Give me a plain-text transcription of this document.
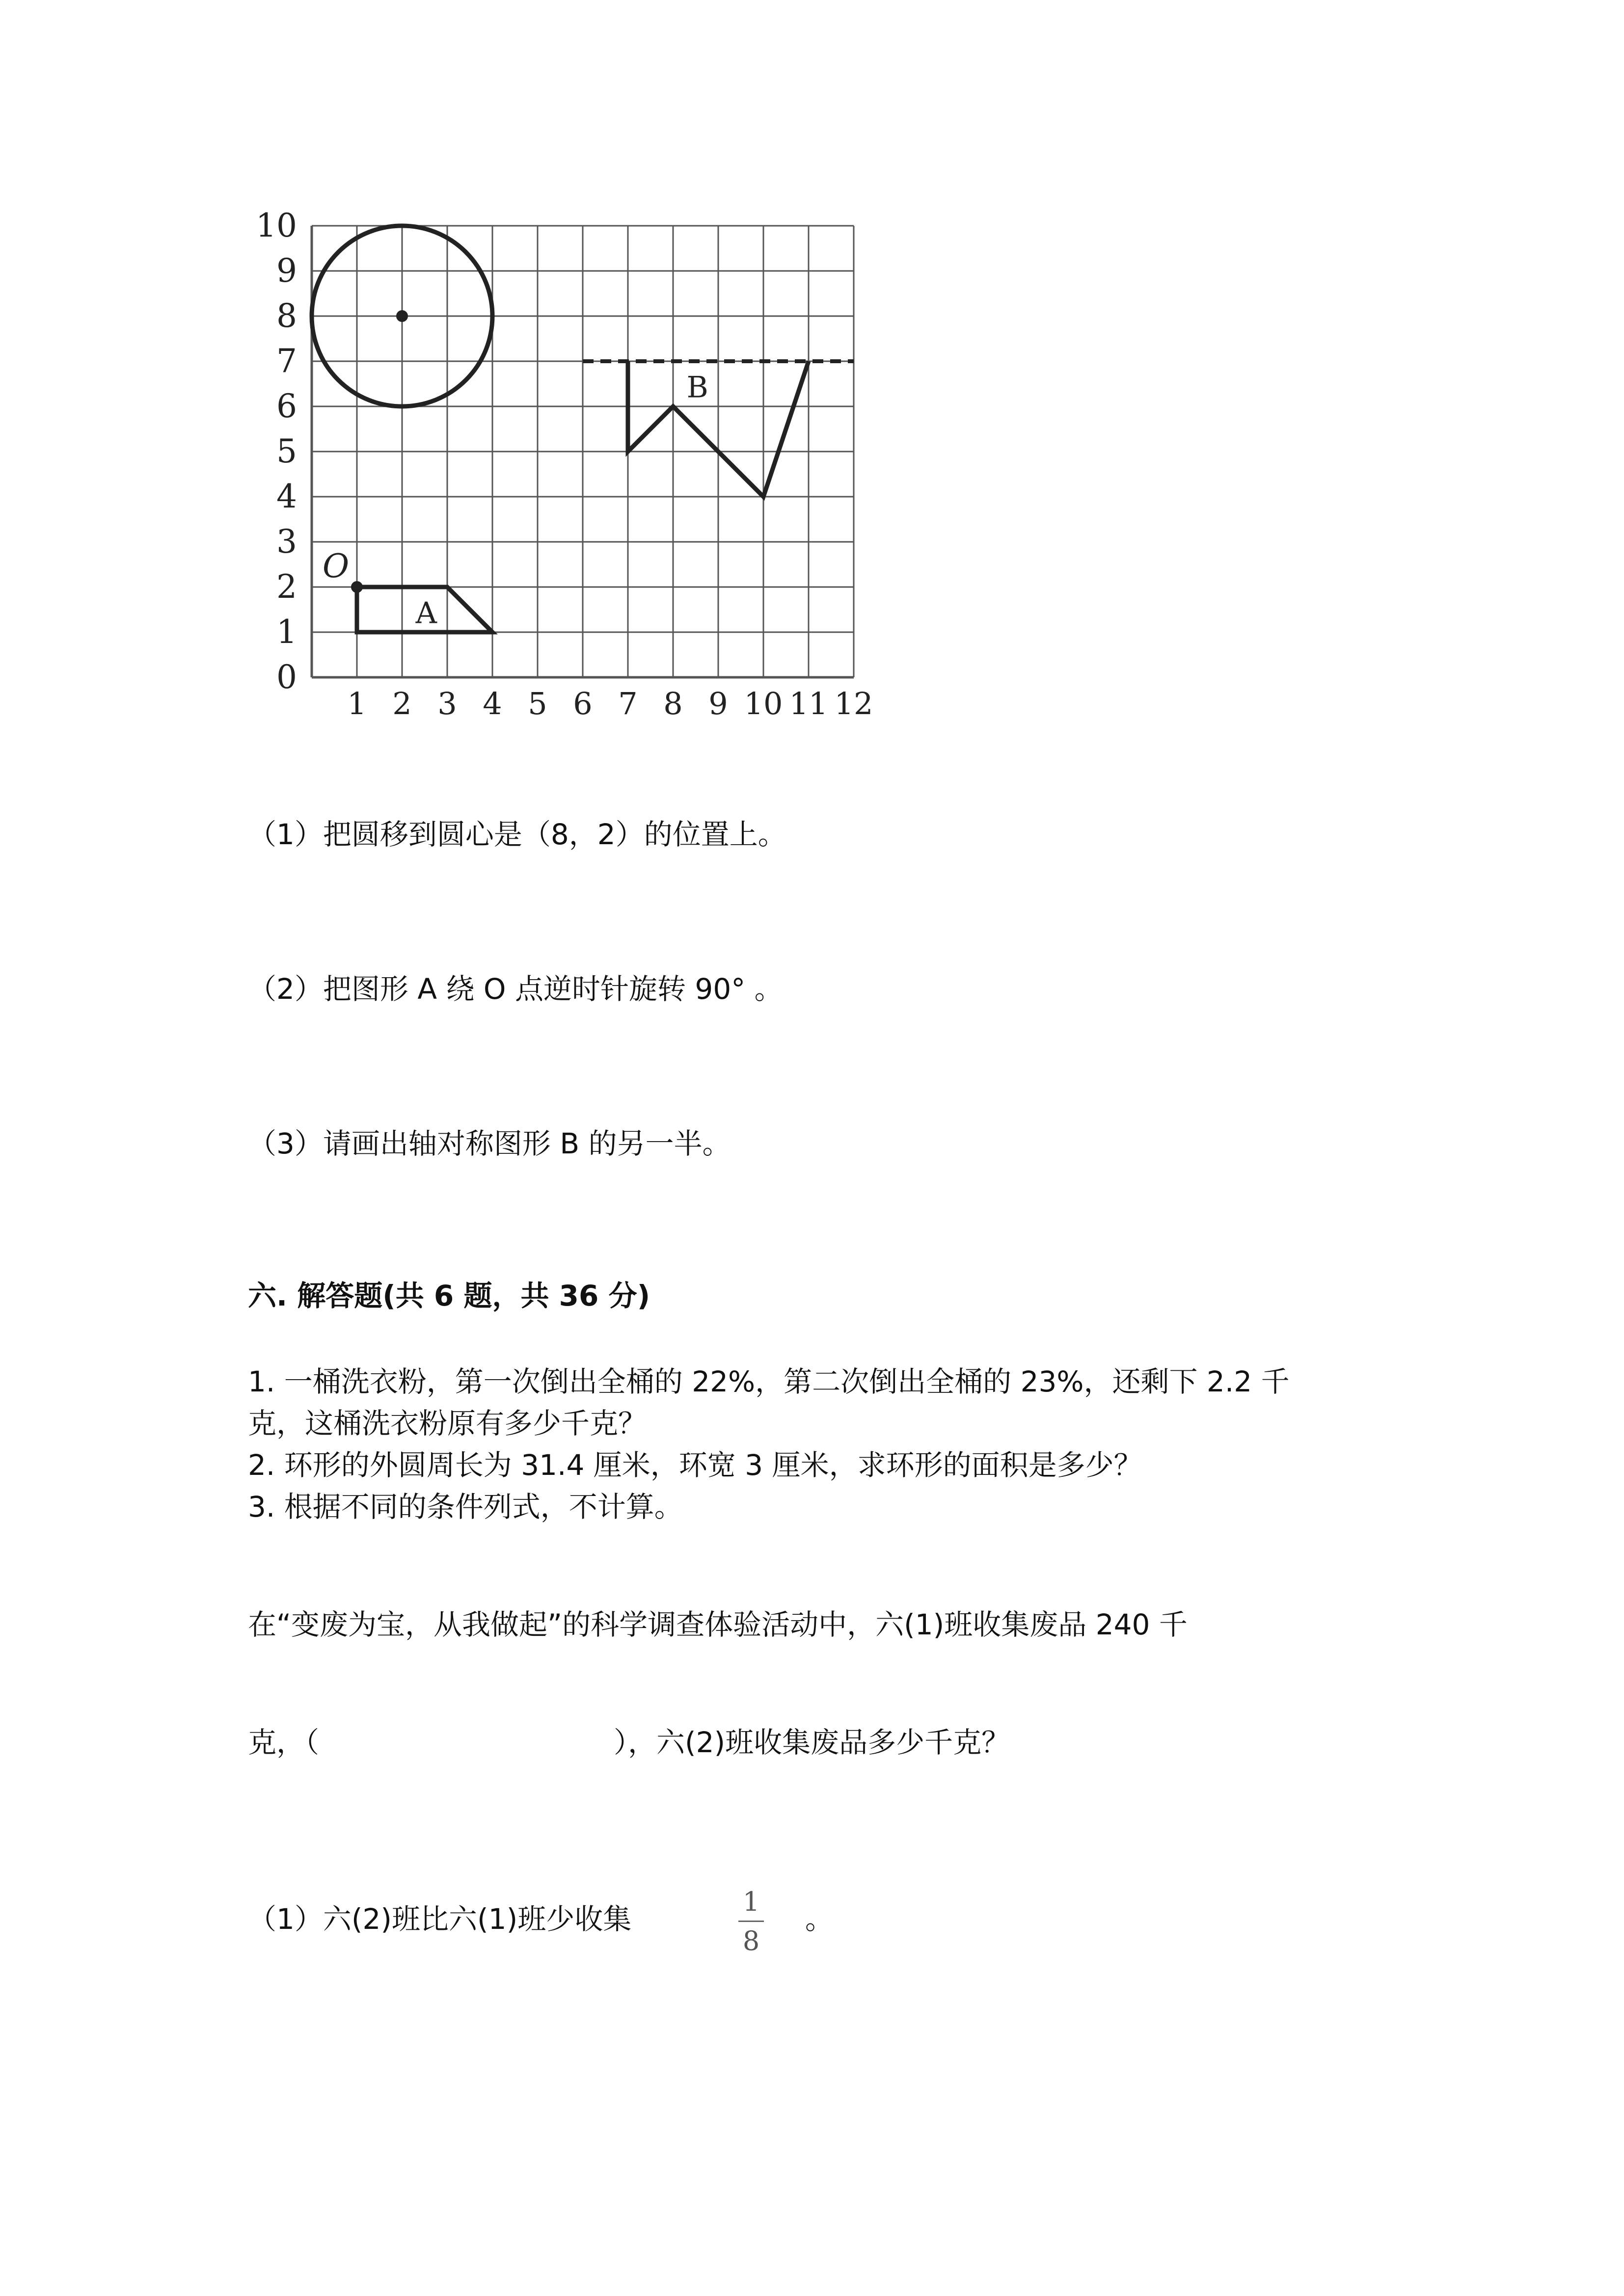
0
1
2
3
4
5
6
7
8
9
10
1 2 3 4 5 6 7 8 9 10 11 12
O
A
B
（1）把圆移到圆心是（8，2）的位置上。
（2）把图形 A 绕 O 点逆时针旋转 90° 。
（3）请画出轴对称图形 B 的另一半。
六. 解答题(共 6 题，共 36 分)
1. 一桶洗衣粉，第一次倒出全桶的 22%，第二次倒出全桶的 23%，还剩下 2.2 千
克，这桶洗衣粉原有多少千克？
2. 环形的外圆周长为 31.4 厘米，环宽 3 厘米，求环形的面积是多少？
3. 根据不同的条件列式，不计算。
在“变废为宝，从我做起”的科学调查体验活动中，六(1)班收集废品 240 千
克，（	），六(2)班收集废品多少千克？
（1）六(2)班比六(1)班少收集
1
8
。
